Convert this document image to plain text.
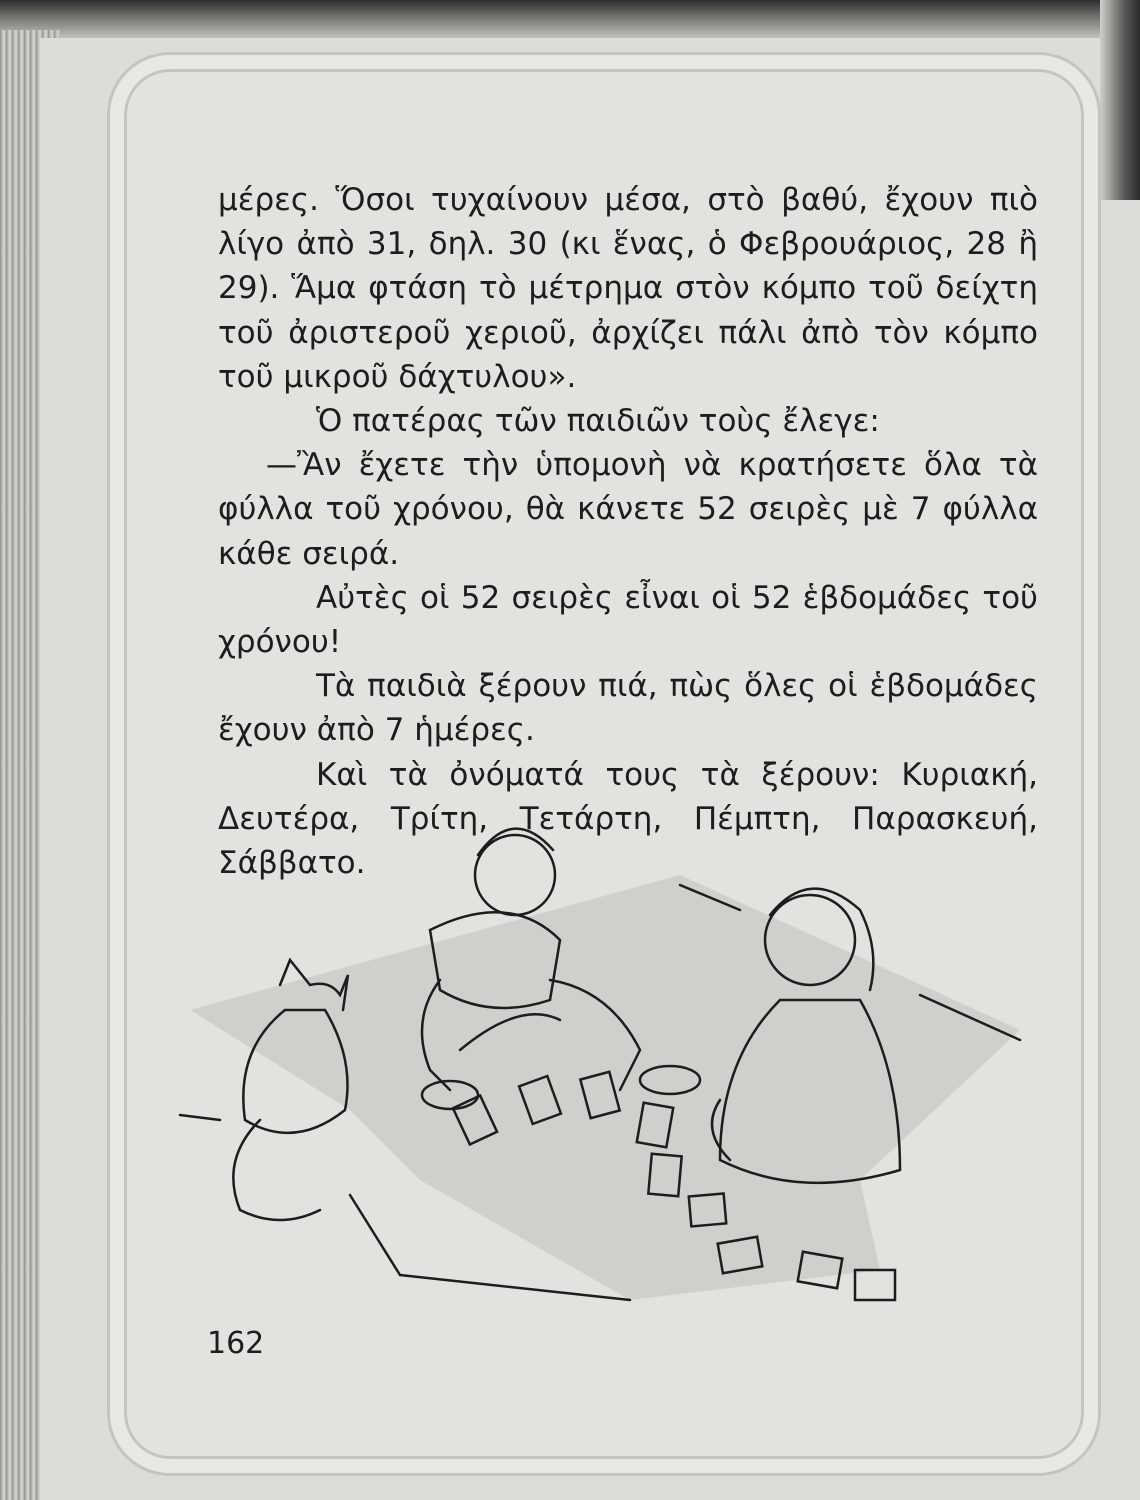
μέρες. Ὅσοι τυχαίνουν μέσα, στὸ βαθύ, ἔχουν πιὸ λίγο ἀπὸ 31, δηλ. 30 (κι ἕνας, ὁ Φεβρουάριος, 28 ἢ 29). Ἅμα φτάση τὸ μέτρημα στὸν κόμπο τοῦ δείχτη τοῦ ἀριστεροῦ χεριοῦ, ἀρχίζει πάλι ἀπὸ τὸν κόμπο τοῦ μικροῦ δάχτυλου».

Ὁ πατέρας τῶν παιδιῶν τοὺς ἔλεγε:

—Ἂν ἔχετε τὴν ὑπομονὴ νὰ κρατήσετε ὅλα τὰ φύλλα τοῦ χρόνου, θὰ κάνετε 52 σειρὲς μὲ 7 φύλλα κάθε σειρά.

Αὐτὲς οἱ 52 σειρὲς εἶναι οἱ 52 ἑβδομάδες τοῦ χρόνου!

Τὰ παιδιὰ ξέρουν πιά, πὼς ὅλες οἱ ἑβδομάδες ἔχουν ἀπὸ 7 ἡμέρες.

Καὶ τὰ ὀνόματά τους τὰ ξέρουν: Κυριακή, Δευτέρα, Τρίτη, Τετάρτη, Πέμπτη, Παρασκευή, Σάββατο.

162
